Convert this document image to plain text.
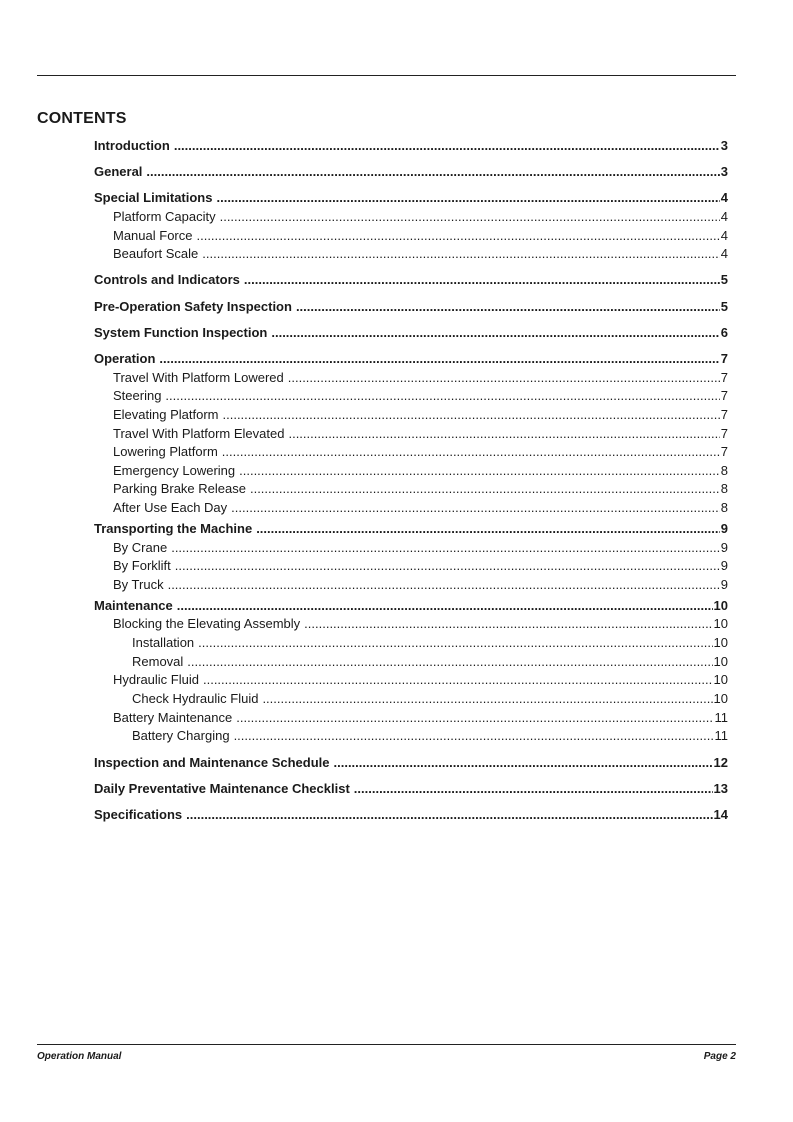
CONTENTS
Introduction .....	3
General .....	3
Special Limitations .....	4
Platform Capacity .....	4
Manual Force .....	4
Beaufort Scale .....	4
Controls and Indicators .....	5
Pre-Operation Safety Inspection .....	5
System Function Inspection .....	6
Operation .....	7
Travel With Platform Lowered .....	7
Steering .....	7
Elevating Platform .....	7
Travel With Platform Elevated .....	7
Lowering Platform .....	7
Emergency Lowering .....	8
Parking Brake Release .....	8
After Use Each Day .....	8
Transporting the Machine .....	9
By Crane .....	9
By Forklift .....	9
By Truck .....	9
Maintenance .....	10
Blocking the Elevating Assembly .....	10
Installation .....	10
Removal .....	10
Hydraulic Fluid .....	10
Check Hydraulic Fluid .....	10
Battery Maintenance .....	11
Battery Charging .....	11
Inspection and Maintenance Schedule .....	12
Daily Preventative Maintenance Checklist .....	13
Specifications .....	14
Operation Manual	Page 2
